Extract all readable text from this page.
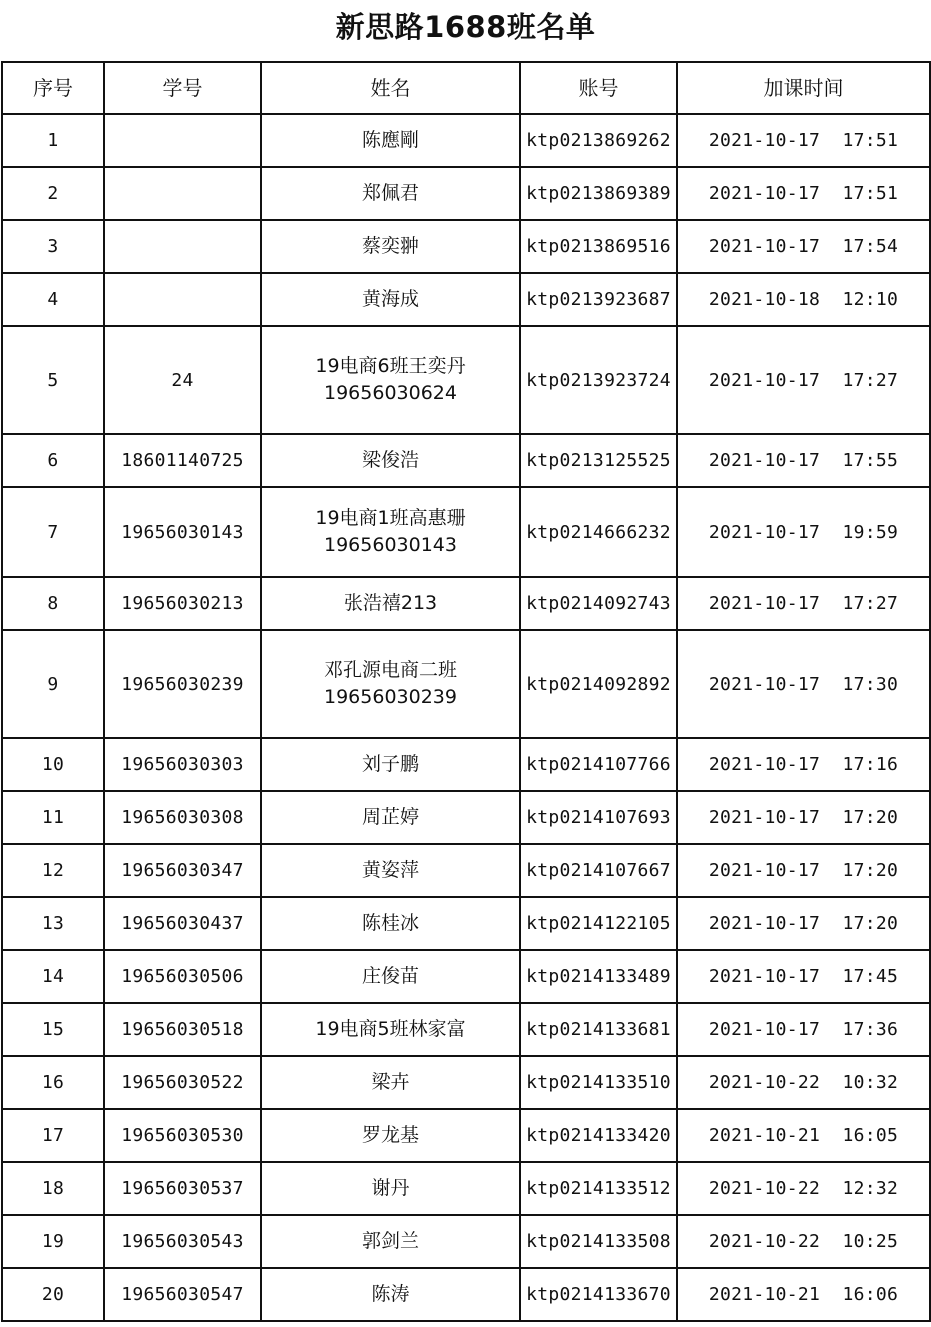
新思路1688班名单
序号	学号	姓名	账号	加课时间
1		陈應剛	ktp0213869262	2021-10-17  17:51
2		郑佩君	ktp0213869389	2021-10-17  17:51
3		蔡奕翀	ktp0213869516	2021-10-17  17:54
4		黄海成	ktp0213923687	2021-10-18  12:10
5	24	19电商6班王奕丹
19656030624	ktp0213923724	2021-10-17  17:27
6	18601140725	梁俊浩	ktp0213125525	2021-10-17  17:55
7	19656030143	19电商1班高惠珊
19656030143	ktp0214666232	2021-10-17  19:59
8	19656030213	张浩禧213	ktp0214092743	2021-10-17  17:27
9	19656030239	邓孔源电商二班
19656030239	ktp0214092892	2021-10-17  17:30
10	19656030303	刘子鹏	ktp0214107766	2021-10-17  17:16
11	19656030308	周芷婷	ktp0214107693	2021-10-17  17:20
12	19656030347	黄姿萍	ktp0214107667	2021-10-17  17:20
13	19656030437	陈桂冰	ktp0214122105	2021-10-17  17:20
14	19656030506	庄俊苗	ktp0214133489	2021-10-17  17:45
15	19656030518	19电商5班林家富	ktp0214133681	2021-10-17  17:36
16	19656030522	梁卉	ktp0214133510	2021-10-22  10:32
17	19656030530	罗龙基	ktp0214133420	2021-10-21  16:05
18	19656030537	谢丹	ktp0214133512	2021-10-22  12:32
19	19656030543	郭剑兰	ktp0214133508	2021-10-22  10:25
20	19656030547	陈涛	ktp0214133670	2021-10-21  16:06
